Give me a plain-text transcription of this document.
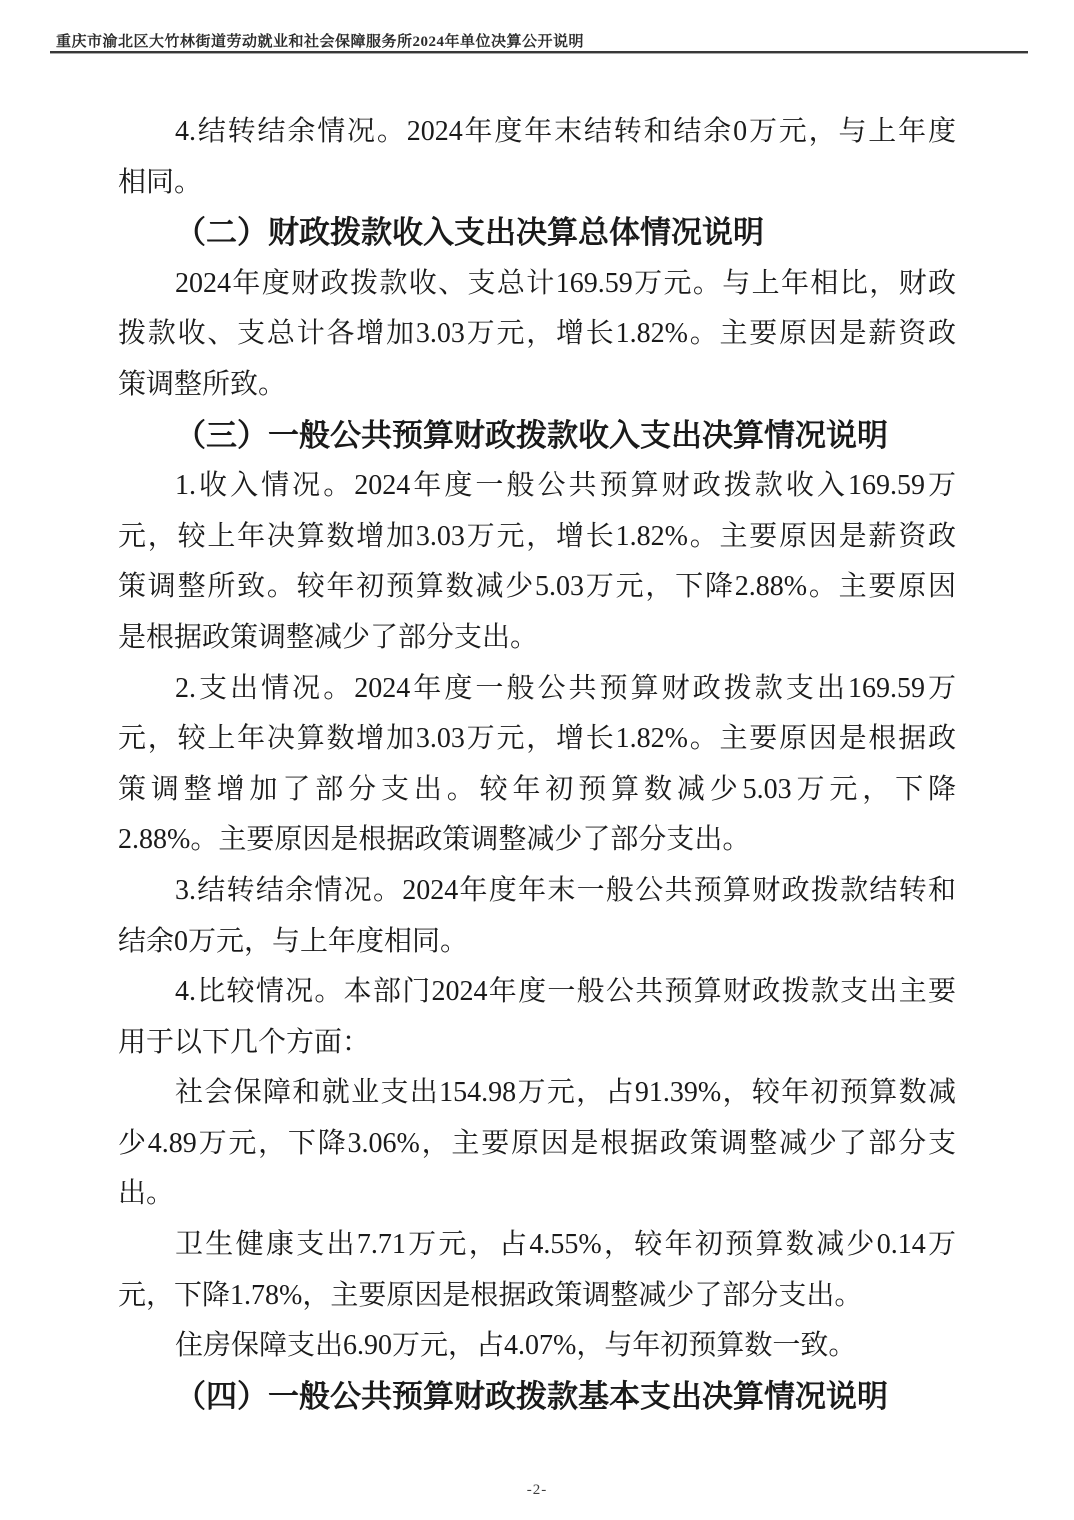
重庆市渝北区大竹林街道劳动就业和社会保障服务所2024年单位决算公开说明
4.结转结余情况。2024年度年末结转和结余0万元，与上年度
相同。
（二）财政拨款收入支出决算总体情况说明
2024年度财政拨款收、支总计169.59万元。与上年相比，财政
拨款收、支总计各增加3.03万元，增长1.82%。主要原因是薪资政
策调整所致。
（三）一般公共预算财政拨款收入支出决算情况说明
1.收入情况。2024年度一般公共预算财政拨款收入169.59万
元，较上年决算数增加3.03万元，增长1.82%。主要原因是薪资政
策调整所致。较年初预算数减少5.03万元，下降2.88%。主要原因
是根据政策调整减少了部分支出。
2.支出情况。2024年度一般公共预算财政拨款支出169.59万
元，较上年决算数增加3.03万元，增长1.82%。主要原因是根据政
策调整增加了部分支出。较年初预算数减少5.03万元，下降
2.88%。主要原因是根据政策调整减少了部分支出。
3.结转结余情况。2024年度年末一般公共预算财政拨款结转和
结余0万元，与上年度相同。
4.比较情况。本部门2024年度一般公共预算财政拨款支出主要
用于以下几个方面：
社会保障和就业支出154.98万元，占91.39%，较年初预算数减
少4.89万元，下降3.06%，主要原因是根据政策调整减少了部分支
出。
卫生健康支出7.71万元，占4.55%，较年初预算数减少0.14万
元，下降1.78%，主要原因是根据政策调整减少了部分支出。
住房保障支出6.90万元，占4.07%，与年初预算数一致。
（四）一般公共预算财政拨款基本支出决算情况说明
-2-
